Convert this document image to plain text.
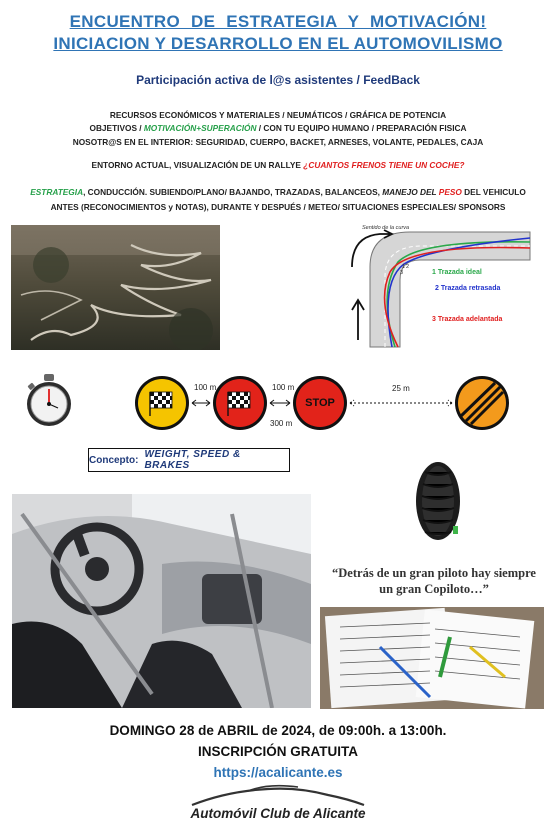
ENCUENTRO DE ESTRATEGIA Y MOTIVACIÓN!
INICIACION Y DESARROLLO EN EL AUTOMOVILISMO
Participación activa de l@s asistentes / FeedBack
RECURSOS ECONÓMICOS Y MATERIALES / NEUMÁTICOS / GRÁFICA DE POTENCIA
OBJETIVOS / MOTIVACIÓN+SUPERACIÓN / CON TU EQUIPO HUMANO / PREPARACIÓN FISICA
NOSOTR@S EN EL INTERIOR: SEGURIDAD, CUERPO, BACKET, ARNESES, VOLANTE, PEDALES, CAJA
ENTORNO ACTUAL, VISUALIZACIÓN DE UN RALLYE ¿CUANTOS FRENOS TIENE UN COCHE?
ESTRATEGIA, CONDUCCIÓN. SUBIENDO/PLANO/ BAJANDO, TRAZADAS, BALANCEOS, MANEJO DEL PESO DEL VEHICULO
ANTES (RECONOCIMIENTOS y NOTAS), DURANTE Y DESPUÉS / METEO/ SITUACIONES ESPECIALES/ SPONSORS
Sentido de la curva
1 2
3	1 Trazada ideal
2 Trazada retrasada
3 Trazada adelantada
100 m	100 m
300 m
25 m
STOP
Concepto: WEIGHT, SPEED & BRAKES
“Detrás de un gran piloto hay siempre un gran Copiloto…”
DOMINGO 28 de ABRIL de 2024, de 09:00h. a 13:00h.
INSCRIPCIÓN GRATUITA
https://acalicante.es
Automóvil Club de Alicante
